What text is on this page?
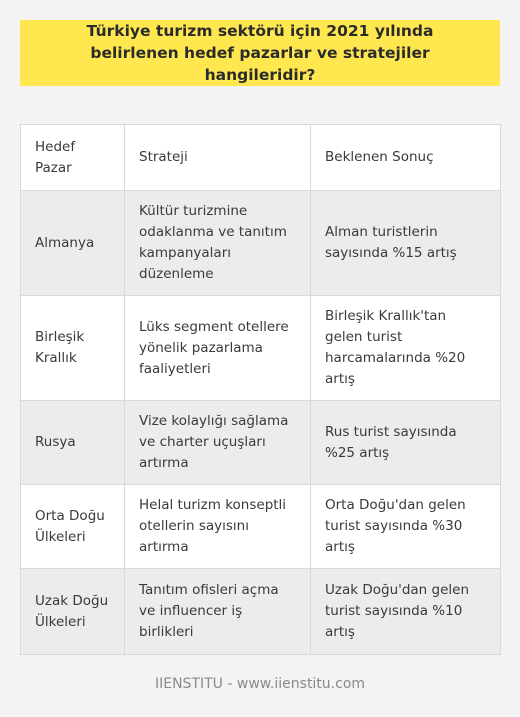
Türkiye turizm sektörü için 2021 yılında belirlenen hedef pazarlar ve stratejiler hangileridir?
Hedef Pazar	Strateji	Beklenen Sonuç
Almanya	Kültür turizmine odaklanma ve tanıtım kampanyaları düzenleme	Alman turistlerin sayısında %15 artış
Birleşik Krallık	Lüks segment otellere yönelik pazarlama faaliyetleri	Birleşik Krallık'tan gelen turist harcamalarında %20 artış
Rusya	Vize kolaylığı sağlama ve charter uçuşları artırma	Rus turist sayısında %25 artış
Orta Doğu Ülkeleri	Helal turizm konseptli otellerin sayısını artırma	Orta Doğu'dan gelen turist sayısında %30 artış
Uzak Doğu Ülkeleri	Tanıtım ofisleri açma ve influencer iş birlikleri	Uzak Doğu'dan gelen turist sayısında %10 artış
IIENSTITU - www.iienstitu.com
